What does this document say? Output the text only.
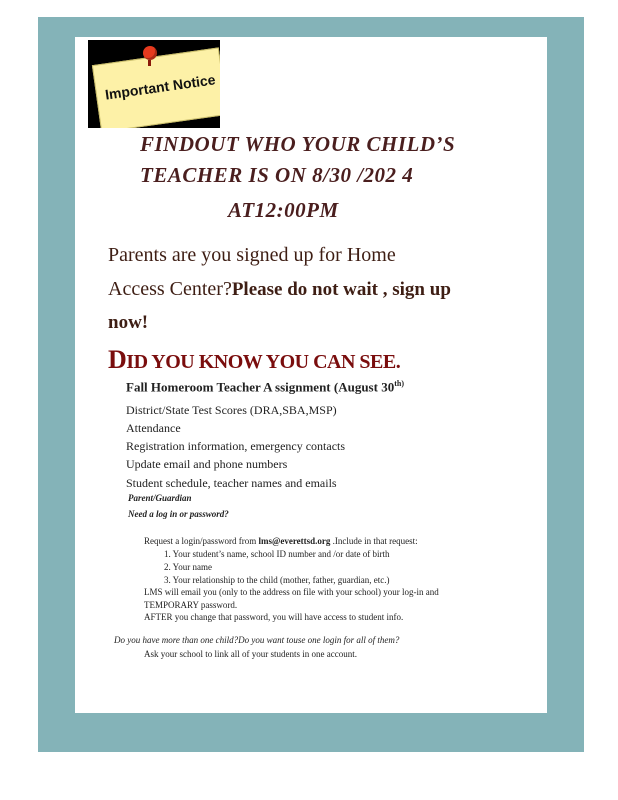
Important Notice
FINDOUT WHO YOUR CHILD’S
TEACHER IS ON 8/30 /202 4
AT12:00PM
Parents are you signed up for Home
Access Center?Please do not wait , sign up
now!
DID YOU KNOW YOU CAN SEE.
Fall Homeroom Teacher A ssignment (August $30^{th)}$
District/State Test Scores (DRA,SBA,MSP)
Attendance
Registration information, emergency contacts
Update email and phone numbers
Student schedule, teacher names and emails
Parent/Guardian
Need a log in or password?
Request a login/password from lms@everettsd.org .Include in that request:
1. Your student’s name, school ID number and /or date of birth
2. Your name
3. Your relationship to the child (mother, father, guardian, etc.)
LMS will email you (only to the address on file with your school) your log-in and
TEMPORARY password.
AFTER you change that password, you will have access to student info.
Do you have more than one child?Do you want touse one login for all of them?
Ask your school to link all of your students in one account.
